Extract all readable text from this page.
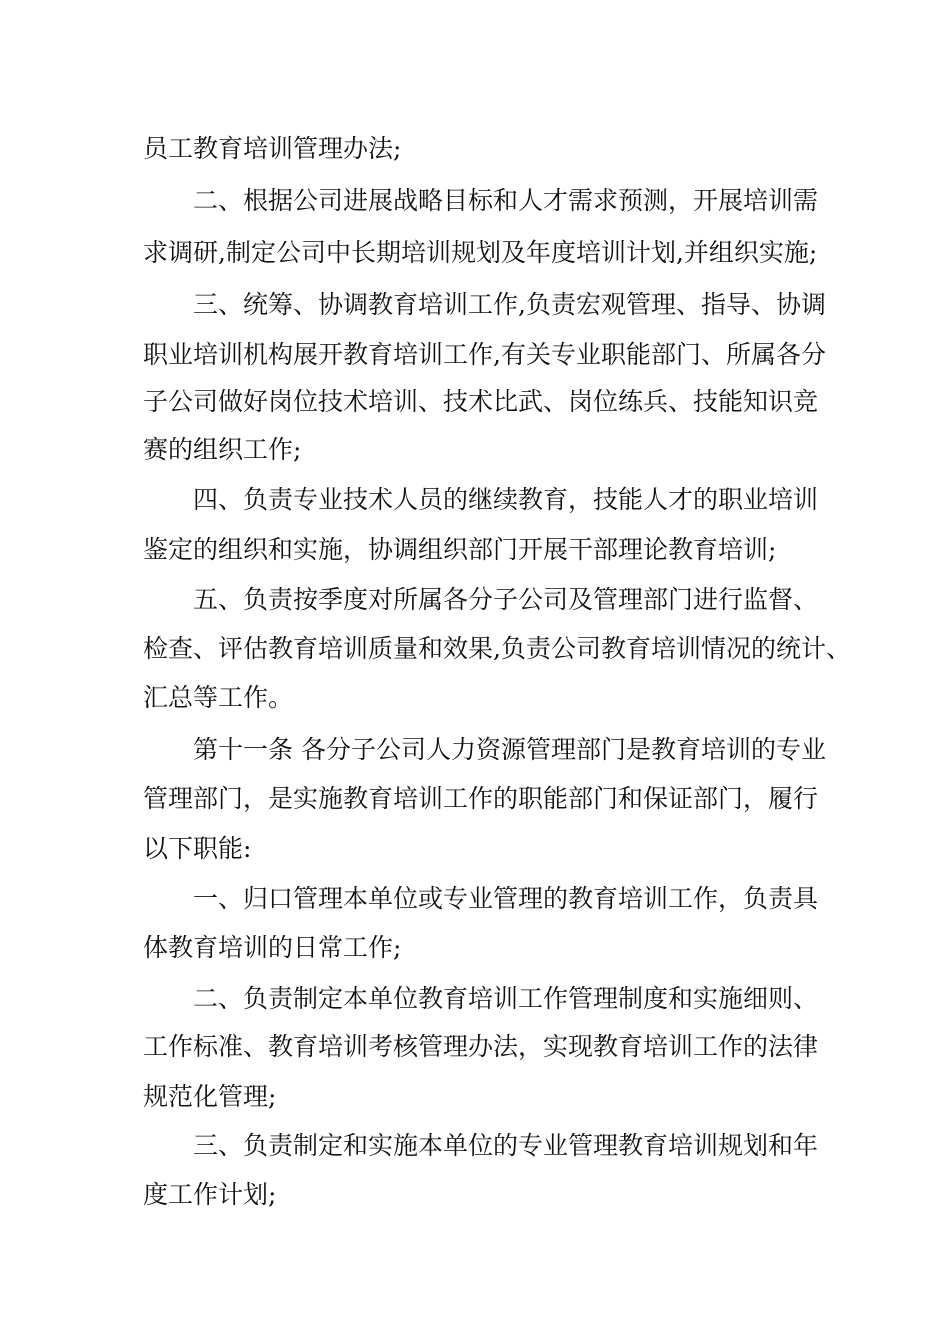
员工教育培训管理办法;

二、根据公司进展战略目标和人才需求预测，开展培训需

求调研,制定公司中长期培训规划及年度培训计划,并组织实施;

三、统筹、协调教育培训工作,负责宏观管理、指导、协调

职业培训机构展开教育培训工作,有关专业职能部门、所属各分

子公司做好岗位技术培训、技术比武、岗位练兵、技能知识竞

赛的组织工作;

四、负责专业技术人员的继续教育，技能人才的职业培训

鉴定的组织和实施，协调组织部门开展干部理论教育培训;

五、负责按季度对所属各分子公司及管理部门进行监督、

检查、评估教育培训质量和效果,负责公司教育培训情况的统计、

汇总等工作。

第十一条 各分子公司人力资源管理部门是教育培训的专业

管理部门，是实施教育培训工作的职能部门和保证部门，履行

以下职能:

一、归口管理本单位或专业管理的教育培训工作，负责具

体教育培训的日常工作;

二、负责制定本单位教育培训工作管理制度和实施细则、

工作标准、教育培训考核管理办法，实现教育培训工作的法律

规范化管理;

三、负责制定和实施本单位的专业管理教育培训规划和年

度工作计划;
